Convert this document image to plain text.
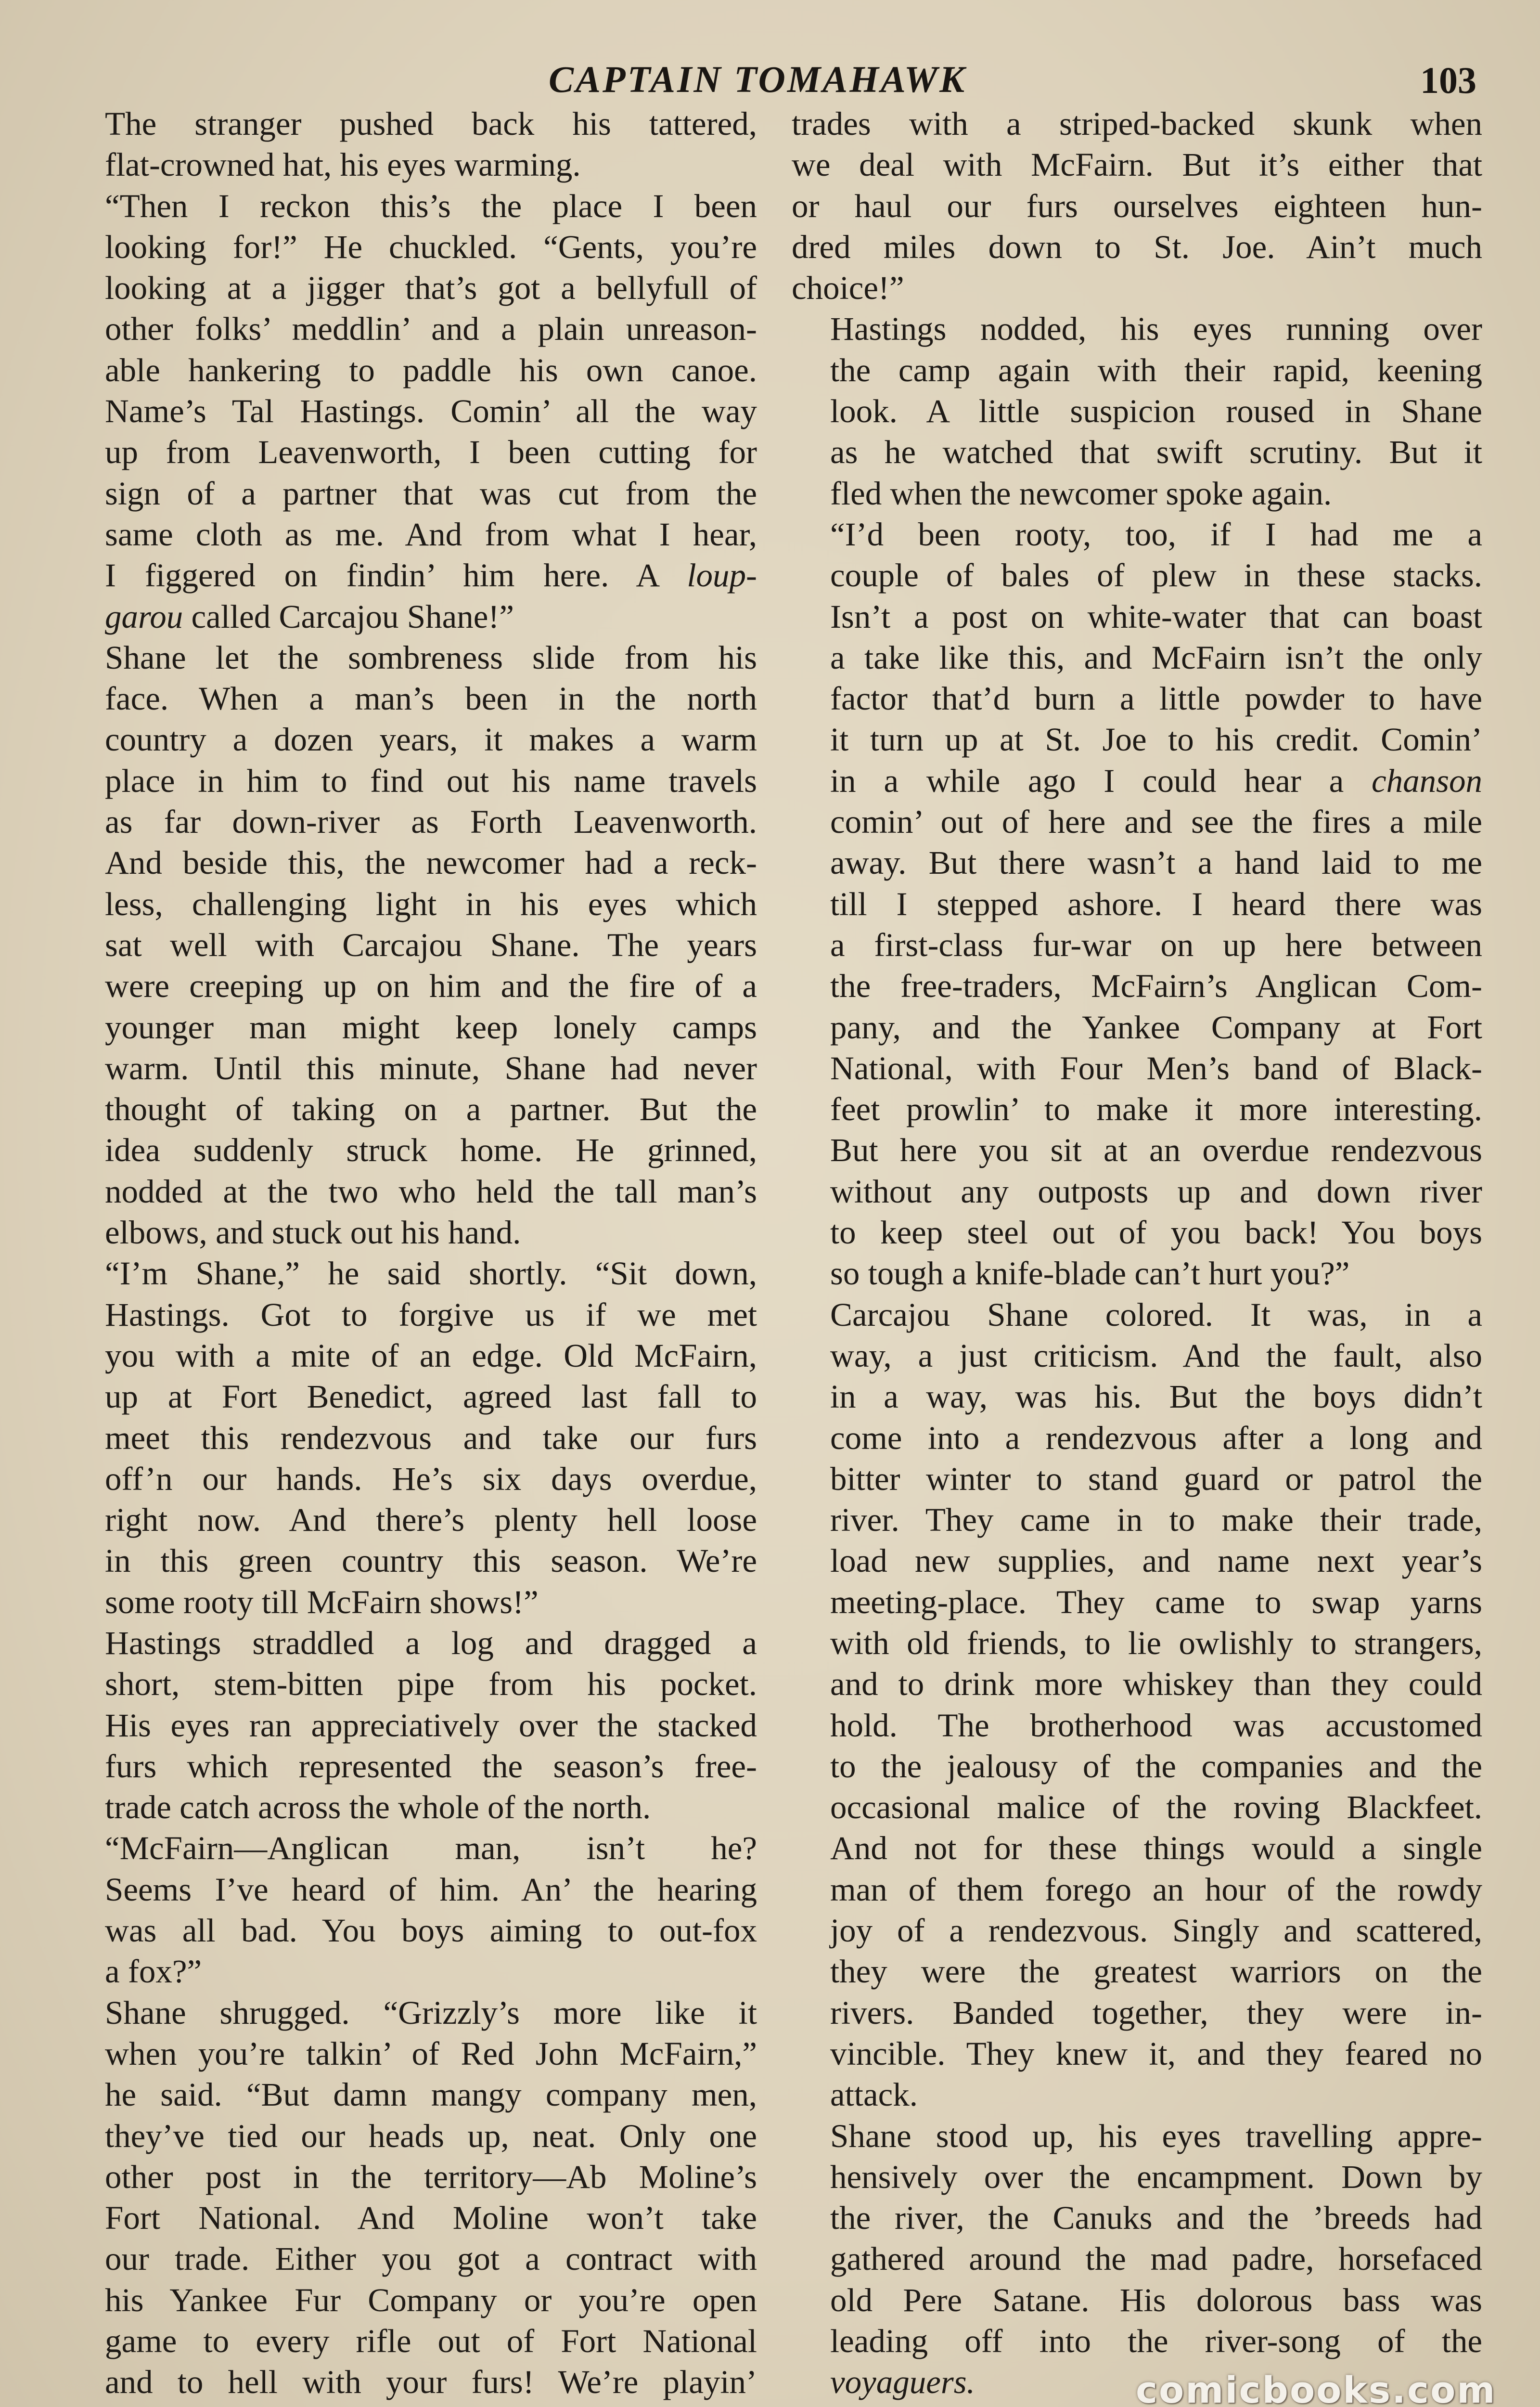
CAPTAIN TOMAHAWK	103

The stranger pushed back his tattered,
flat-crowned hat, his eyes warming.

“Then I reckon this’s the place I been
looking for!” He chuckled. “Gents, you’re
looking at a jigger that’s got a bellyfull of
other folks’ meddlin’ and a plain unreason-
able hankering to paddle his own canoe.
Name’s Tal Hastings. Comin’ all the way
up from Leavenworth, I been cutting for
sign of a partner that was cut from the
same cloth as me. And from what I hear,
I figgered on findin’ him here. A loup-
garou called Carcajou Shane!”

Shane let the sombreness slide from his
face. When a man’s been in the north
country a dozen years, it makes a warm
place in him to find out his name travels
as far down-river as Forth Leavenworth.
And beside this, the newcomer had a reck-
less, challenging light in his eyes which
sat well with Carcajou Shane. The years
were creeping up on him and the fire of a
younger man might keep lonely camps
warm. Until this minute, Shane had never
thought of taking on a partner. But the
idea suddenly struck home. He grinned,
nodded at the two who held the tall man’s
elbows, and stuck out his hand.

“I’m Shane,” he said shortly. “Sit down,
Hastings. Got to forgive us if we met
you with a mite of an edge. Old McFairn,
up at Fort Benedict, agreed last fall to
meet this rendezvous and take our furs
off’n our hands. He’s six days overdue,
right now. And there’s plenty hell loose
in this green country this season. We’re
some rooty till McFairn shows!”

Hastings straddled a log and dragged a
short, stem-bitten pipe from his pocket.
His eyes ran appreciatively over the stacked
furs which represented the season’s free-
trade catch across the whole of the north.

“McFairn—Anglican man, isn’t he?
Seems I’ve heard of him. An’ the hearing
was all bad. You boys aiming to out-fox
a fox?”

Shane shrugged. “Grizzly’s more like it
when you’re talkin’ of Red John McFairn,”
he said. “But damn mangy company men,
they’ve tied our heads up, neat. Only one
other post in the territory—Ab Moline’s
Fort National. And Moline won’t take
our trade. Either you got a contract with
his Yankee Fur Company or you’re open
game to every rifle out of Fort National
and to hell with your furs! We’re playin’

trades with a striped-backed skunk when
we deal with McFairn. But it’s either that
or haul our furs ourselves eighteen hun-
dred miles down to St. Joe. Ain’t much
choice!”

Hastings nodded, his eyes running over
the camp again with their rapid, keening
look. A little suspicion roused in Shane
as he watched that swift scrutiny. But it
fled when the newcomer spoke again.

“I’d been rooty, too, if I had me a
couple of bales of plew in these stacks.
Isn’t a post on white-water that can boast
a take like this, and McFairn isn’t the only
factor that’d burn a little powder to have
it turn up at St. Joe to his credit. Comin’
in a while ago I could hear a chanson
comin’ out of here and see the fires a mile
away. But there wasn’t a hand laid to me
till I stepped ashore. I heard there was
a first-class fur-war on up here between
the free-traders, McFairn’s Anglican Com-
pany, and the Yankee Company at Fort
National, with Four Men’s band of Black-
feet prowlin’ to make it more interesting.
But here you sit at an overdue rendezvous
without any outposts up and down river
to keep steel out of you back! You boys
so tough a knife-blade can’t hurt you?”

Carcajou Shane colored. It was, in a
way, a just criticism. And the fault, also
in a way, was his. But the boys didn’t
come into a rendezvous after a long and
bitter winter to stand guard or patrol the
river. They came in to make their trade,
load new supplies, and name next year’s
meeting-place. They came to swap yarns
with old friends, to lie owlishly to strangers,
and to drink more whiskey than they could
hold. The brotherhood was accustomed
to the jealousy of the companies and the
occasional malice of the roving Blackfeet.
And not for these things would a single
man of them forego an hour of the rowdy
joy of a rendezvous. Singly and scattered,
they were the greatest warriors on the
rivers. Banded together, they were in-
vincible. They knew it, and they feared no
attack.

Shane stood up, his eyes travelling appre-
hensively over the encampment. Down by
the river, the Canuks and the ’breeds had
gathered around the mad padre, horsefaced
old Pere Satane. His dolorous bass was
leading off into the river-song of the
voyaguers.	comicbooks.com
